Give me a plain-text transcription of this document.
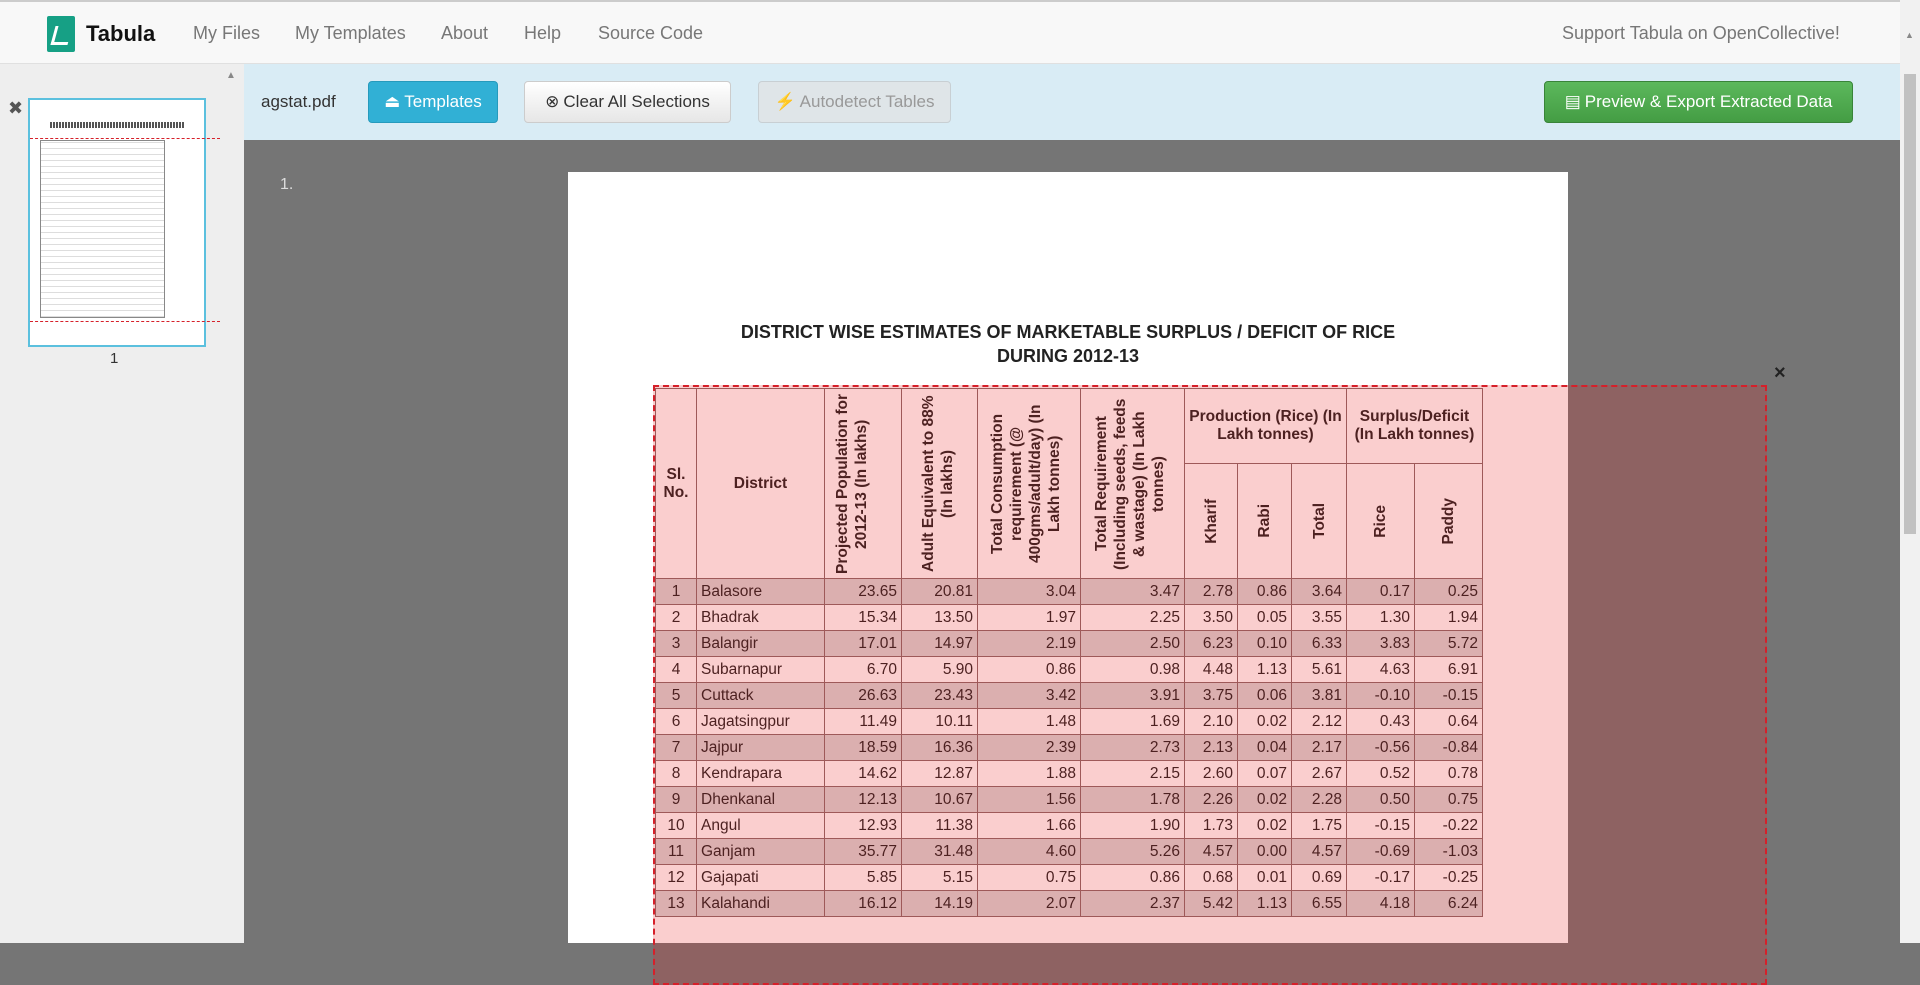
Tabula My Files My Templates About Help Source Code	Support Tabula on OpenCollective!
✖
▲
1
agstat.pdf	⏏ Templates	⊗ Clear All Selections	⚡ Autodetect Tables	▤ Preview & Export Extracted Data
1.
DISTRICT WISE ESTIMATES OF MARKETABLE SURPLUS / DEFICIT OF RICE
DURING 2012-13
Sl. No.	District	Projected Population for 2012-13 (In lakhs)	Adult Equivalent to 88% (In lakhs)	Total Consumption requirement (@ 400gms/adult/day) (In Lakh tonnes)	Total Requirement (Including seeds, feeds & wastage) (In Lakh tonnes)	Production (Rice) (In Lakh tonnes)			Surplus/Deficit (In Lakh tonnes)	

						Kharif	Rabi	Total	Rice	Paddy

1	Balasore	23.65	20.81	3.04	3.47	2.78	0.86	3.64	0.17	0.25
2	Bhadrak	15.34	13.50	1.97	2.25	3.50	0.05	3.55	1.30	1.94
3	Balangir	17.01	14.97	2.19	2.50	6.23	0.10	6.33	3.83	5.72
4	Subarnapur	6.70	5.90	0.86	0.98	4.48	1.13	5.61	4.63	6.91
5	Cuttack	26.63	23.43	3.42	3.91	3.75	0.06	3.81	-0.10	-0.15
6	Jagatsingpur	11.49	10.11	1.48	1.69	2.10	0.02	2.12	0.43	0.64
7	Jajpur	18.59	16.36	2.39	2.73	2.13	0.04	2.17	-0.56	-0.84
8	Kendrapara	14.62	12.87	1.88	2.15	2.60	0.07	2.67	0.52	0.78
9	Dhenkanal	12.13	10.67	1.56	1.78	2.26	0.02	2.28	0.50	0.75
10	Angul	12.93	11.38	1.66	1.90	1.73	0.02	1.75	-0.15	-0.22
11	Ganjam	35.77	31.48	4.60	5.26	4.57	0.00	4.57	-0.69	-1.03
12	Gajapati	5.85	5.15	0.75	0.86	0.68	0.01	0.69	-0.17	-0.25
13	Kalahandi	16.12	14.19	2.07	2.37	5.42	1.13	6.55	4.18	6.24
×
▲
